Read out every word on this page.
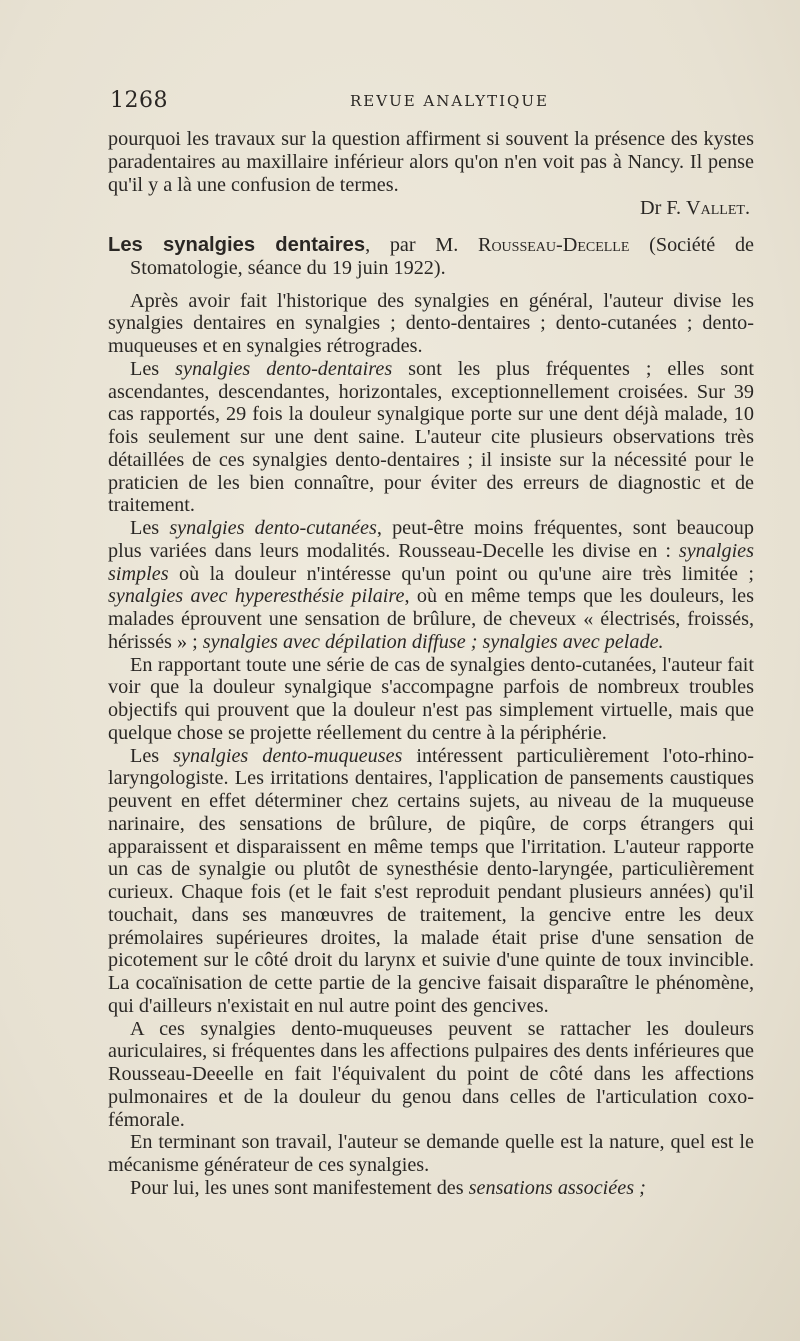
1268	REVUE ANALYTIQUE

pourquoi les travaux sur la question affirment si souvent la présence des kystes paradentaires au maxillaire inférieur alors qu'on n'en voit pas à Nancy. Il pense qu'il y a là une confusion de termes.

Dr F. Vallet.

Les synalgies dentaires, par M. Rousseau-Decelle (Société de Stomatologie, séance du 19 juin 1922).

Après avoir fait l'historique des synalgies en général, l'auteur divise les synalgies dentaires en synalgies ; dento-dentaires ; dento-cutanées ; dento-muqueuses et en synalgies rétrogrades.

Les synalgies dento-dentaires sont les plus fréquentes ; elles sont ascendantes, descendantes, horizontales, exceptionnellement croisées. Sur 39 cas rapportés, 29 fois la douleur synalgique porte sur une dent déjà malade, 10 fois seulement sur une dent saine. L'auteur cite plusieurs observations très détaillées de ces synalgies dento-dentaires ; il insiste sur la nécessité pour le praticien de les bien connaître, pour éviter des erreurs de diagnostic et de traitement.

Les synalgies dento-cutanées, peut-être moins fréquentes, sont beaucoup plus variées dans leurs modalités. Rousseau-Decelle les divise en : synalgies simples où la douleur n'intéresse qu'un point ou qu'une aire très limitée ; synalgies avec hyperesthésie pilaire, où en même temps que les douleurs, les malades éprouvent une sensation de brûlure, de cheveux « électrisés, froissés, hérissés » ; synalgies avec dépilation diffuse ; synalgies avec pelade.

En rapportant toute une série de cas de synalgies dento-cutanées, l'auteur fait voir que la douleur synalgique s'accompagne parfois de nombreux troubles objectifs qui prouvent que la douleur n'est pas simplement virtuelle, mais que quelque chose se projette réellement du centre à la périphérie.

Les synalgies dento-muqueuses intéressent particulièrement l'oto-rhino-laryngologiste. Les irritations dentaires, l'application de pansements caustiques peuvent en effet déterminer chez certains sujets, au niveau de la muqueuse narinaire, des sensations de brûlure, de piqûre, de corps étrangers qui apparaissent et disparaissent en même temps que l'irritation. L'auteur rapporte un cas de synalgie ou plutôt de synesthésie dento-laryngée, particulièrement curieux. Chaque fois (et le fait s'est reproduit pendant plusieurs années) qu'il touchait, dans ses manœuvres de traitement, la gencive entre les deux prémolaires supérieures droites, la malade était prise d'une sensation de picotement sur le côté droit du larynx et suivie d'une quinte de toux invincible. La cocaïnisation de cette partie de la gencive faisait disparaître le phénomène, qui d'ailleurs n'existait en nul autre point des gencives.

A ces synalgies dento-muqueuses peuvent se rattacher les douleurs auriculaires, si fréquentes dans les affections pulpaires des dents inférieures que Rousseau-Deeelle en fait l'équivalent du point de côté dans les affections pulmonaires et de la douleur du genou dans celles de l'articulation coxo-fémorale.

En terminant son travail, l'auteur se demande quelle est la nature, quel est le mécanisme générateur de ces synalgies.

Pour lui, les unes sont manifestement des sensations associées ;
